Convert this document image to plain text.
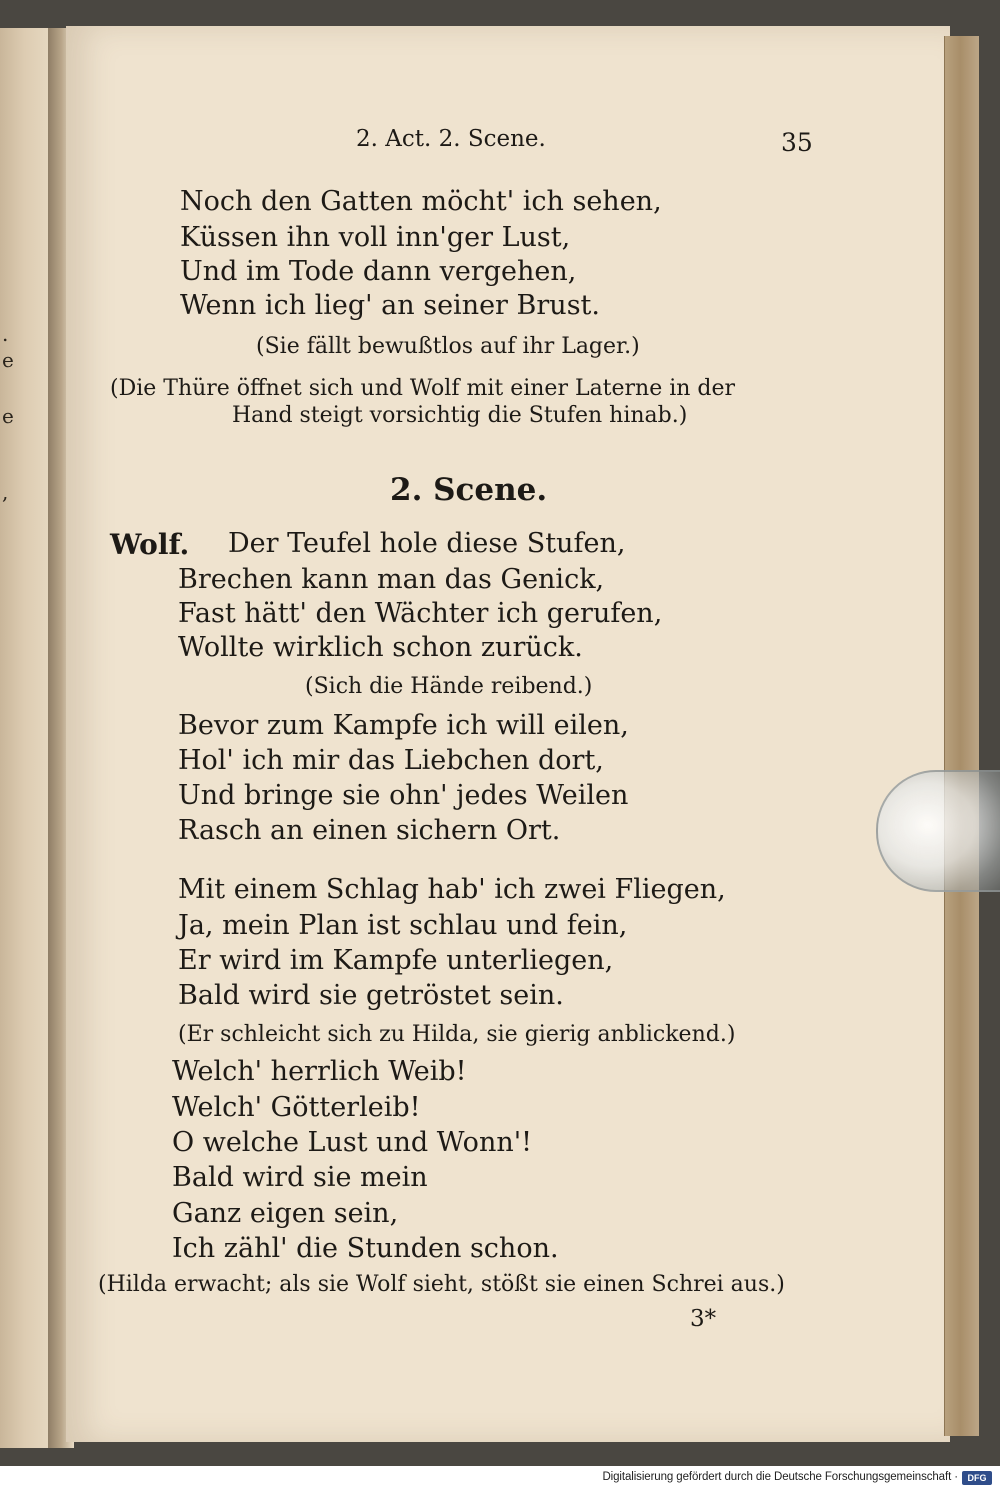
.
e
e
,
2. Act. 2. Scene.	35
Noch den Gatten möcht' ich sehen,
Küssen ihn voll inn'ger Lust,
Und im Tode dann vergehen,
Wenn ich lieg' an seiner Brust.
(Sie fällt bewußtlos auf ihr Lager.)
(Die Thüre öffnet sich und Wolf mit einer Laterne in der
Hand steigt vorsichtig die Stufen hinab.)
2. Scene.
Wolf. Der Teufel hole diese Stufen,
Brechen kann man das Genick,
Fast hätt' den Wächter ich gerufen,
Wollte wirklich schon zurück.
(Sich die Hände reibend.)
Bevor zum Kampfe ich will eilen,
Hol' ich mir das Liebchen dort,
Und bringe sie ohn' jedes Weilen
Rasch an einen sichern Ort.
Mit einem Schlag hab' ich zwei Fliegen,
Ja, mein Plan ist schlau und fein,
Er wird im Kampfe unterliegen,
Bald wird sie getröstet sein.
(Er schleicht sich zu Hilda, sie gierig anblickend.)
Welch' herrlich Weib!
Welch' Götterleib!
O welche Lust und Wonn'!
Bald wird sie mein
Ganz eigen sein,
Ich zähl' die Stunden schon.
(Hilda erwacht; als sie Wolf sieht, stößt sie einen Schrei aus.)
3*
Digitalisierung gefördert durch die Deutsche Forschungsgemeinschaft ·	DFG
